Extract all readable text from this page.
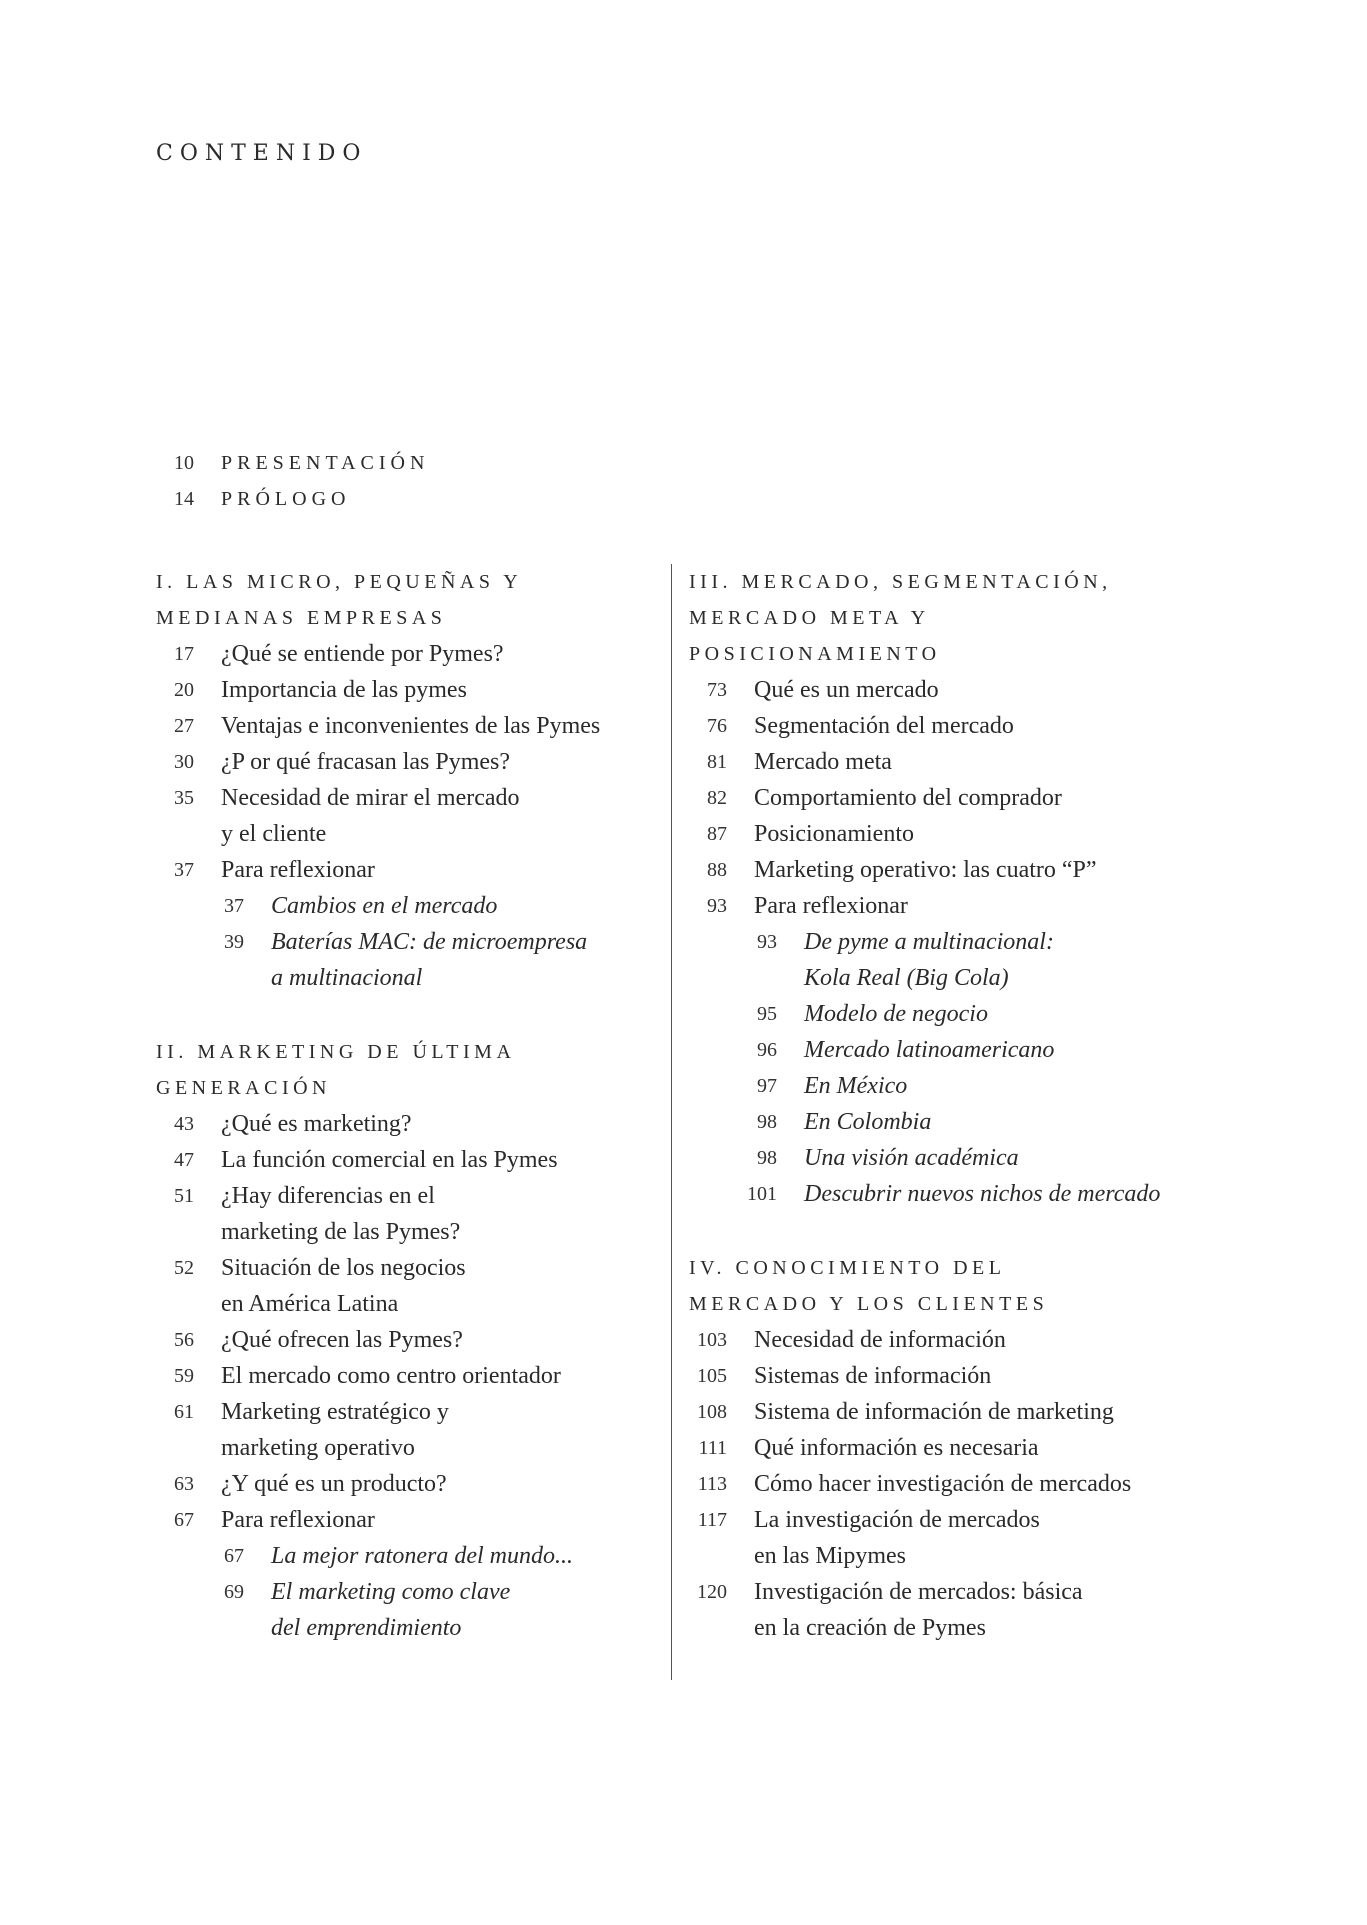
CONTENIDO
10 PRESENTACIÓN
14 PRÓLOGO
I. LAS MICRO, PEQUEÑAS Y
MEDIANAS EMPRESAS
17 ¿Qué se entiende por Pymes?
20 Importancia de las pymes
27 Ventajas e inconvenientes de las Pymes
30 ¿P or qué fracasan las Pymes?
35 Necesidad de mirar el mercado
y el cliente
37 Para reflexionar
37 Cambios en el mercado
39 Baterías MAC: de microempresa
a multinacional
II. MARKETING DE ÚLTIMA
GENERACIÓN
43 ¿Qué es marketing?
47 La función comercial en las Pymes
51 ¿Hay diferencias en el
marketing de las Pymes?
52 Situación de los negocios
en América Latina
56 ¿Qué ofrecen las Pymes?
59 El mercado como centro orientador
61 Marketing estratégico y
marketing operativo
63 ¿Y qué es un producto?
67 Para reflexionar
67 La mejor ratonera del mundo...
69 El marketing como clave
del emprendimiento
III. MERCADO, SEGMENTACIÓN,
MERCADO META Y
POSICIONAMIENTO
73 Qué es un mercado
76 Segmentación del mercado
81 Mercado meta
82 Comportamiento del comprador
87 Posicionamiento
88 Marketing operativo: las cuatro “P”
93 Para reflexionar
93 De pyme a multinacional:
Kola Real (Big Cola)
95 Modelo de negocio
96 Mercado latinoamericano
97 En México
98 En Colombia
98 Una visión académica
101 Descubrir nuevos nichos de mercado
IV. CONOCIMIENTO DEL
MERCADO Y LOS CLIENTES
103 Necesidad de información
105 Sistemas de información
108 Sistema de información de marketing
111 Qué información es necesaria
113 Cómo hacer investigación de mercados
117 La investigación de mercados
en las Mipymes
120 Investigación de mercados: básica
en la creación de Pymes
